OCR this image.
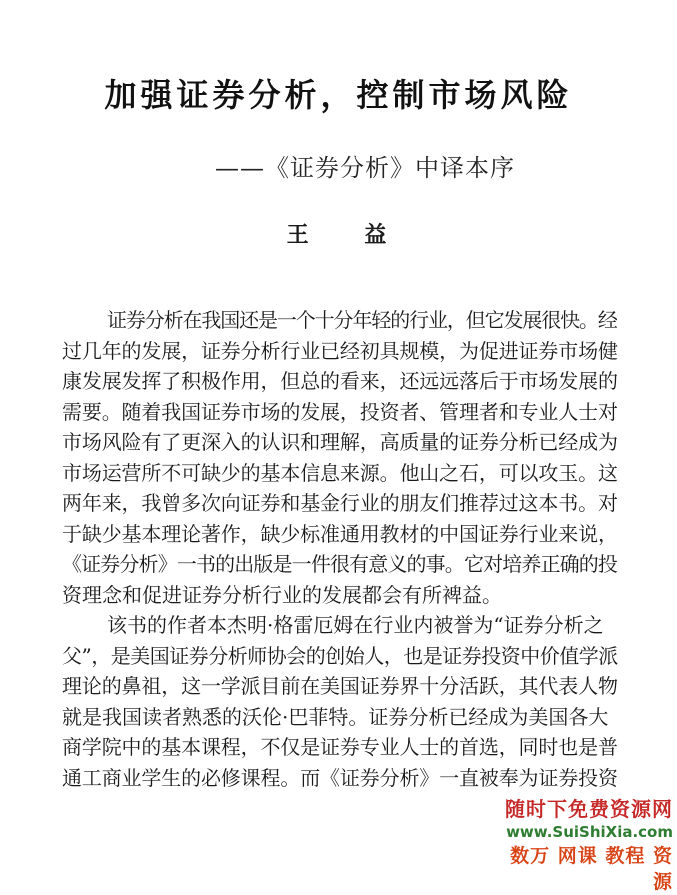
加强证券分析，控制市场风险
——《证券分析》中译本序
王 益
证券分析在我国还是一个十分年轻的行业，但它发展很快。经
过几年的发展，证券分析行业已经初具规模，为促进证券市场健
康发展发挥了积极作用，但总的看来，还远远落后于市场发展的
需要。随着我国证券市场的发展，投资者、管理者和专业人士对
市场风险有了更深入的认识和理解，高质量的证券分析已经成为
市场运营所不可缺少的基本信息来源。他山之石，可以攻玉。这
两年来，我曾多次向证券和基金行业的朋友们推荐过这本书。对
于缺少基本理论著作，缺少标准通用教材的中国证券行业来说，
《证券分析》一书的出版是一件很有意义的事。它对培养正确的投
资理念和促进证券分析行业的发展都会有所裨益。
该书的作者本杰明·格雷厄姆在行业内被誉为“证券分析之
父”，是美国证券分析师协会的创始人，也是证券投资中价值学派
理论的鼻祖，这一学派目前在美国证券界十分活跃，其代表人物
就是我国读者熟悉的沃伦·巴菲特。证券分析已经成为美国各大
商学院中的基本课程，不仅是证券专业人士的首选，同时也是普
通工商业学生的必修课程。而《证券分析》一直被奉为证券投资
随时下免费资源网
www.SuiShiXia.com
数万 网课 教程 资源
